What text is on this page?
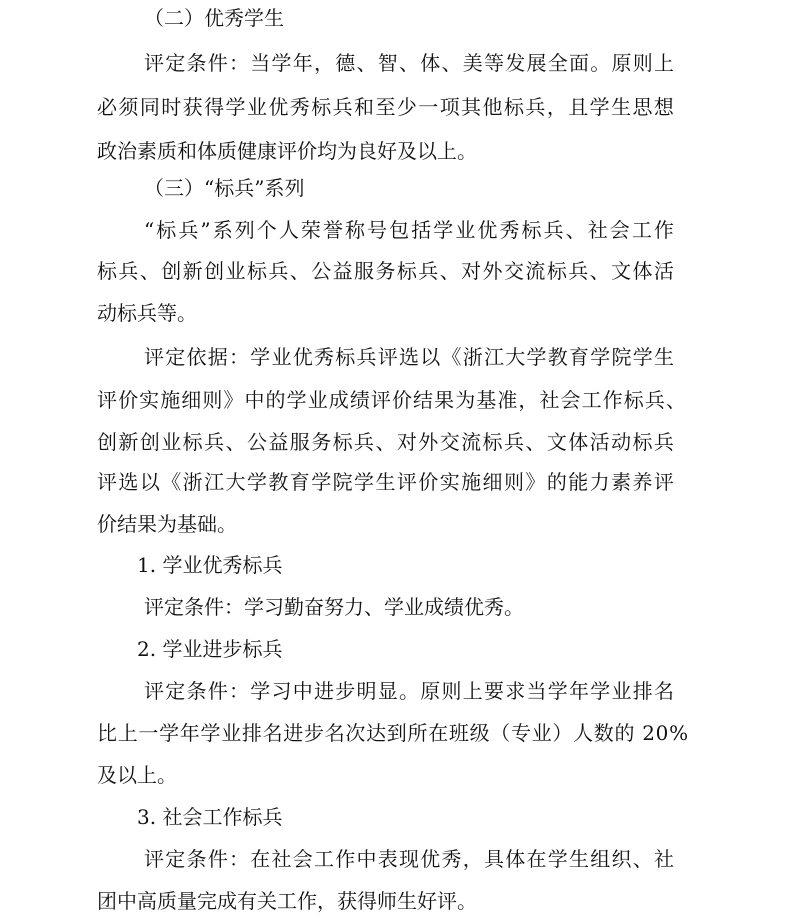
（二）优秀学生
评定条件：当学年，德、智、体、美等发展全面。原则上
必须同时获得学业优秀标兵和至少一项其他标兵，且学生思想
政治素质和体质健康评价均为良好及以上。
（三）“标兵”系列
“标兵”系列个人荣誉称号包括学业优秀标兵、社会工作
标兵、创新创业标兵、公益服务标兵、对外交流标兵、文体活
动标兵等。
评定依据：学业优秀标兵评选以《浙江大学教育学院学生
评价实施细则》中的学业成绩评价结果为基准，社会工作标兵、
创新创业标兵、公益服务标兵、对外交流标兵、文体活动标兵
评选以《浙江大学教育学院学生评价实施细则》的能力素养评
价结果为基础。
1. 学业优秀标兵
评定条件：学习勤奋努力、学业成绩优秀。
2. 学业进步标兵
评定条件：学习中进步明显。原则上要求当学年学业排名
比上一学年学业排名进步名次达到所在班级（专业）人数的 20%
及以上。
3. 社会工作标兵
评定条件：在社会工作中表现优秀，具体在学生组织、社
团中高质量完成有关工作，获得师生好评。
